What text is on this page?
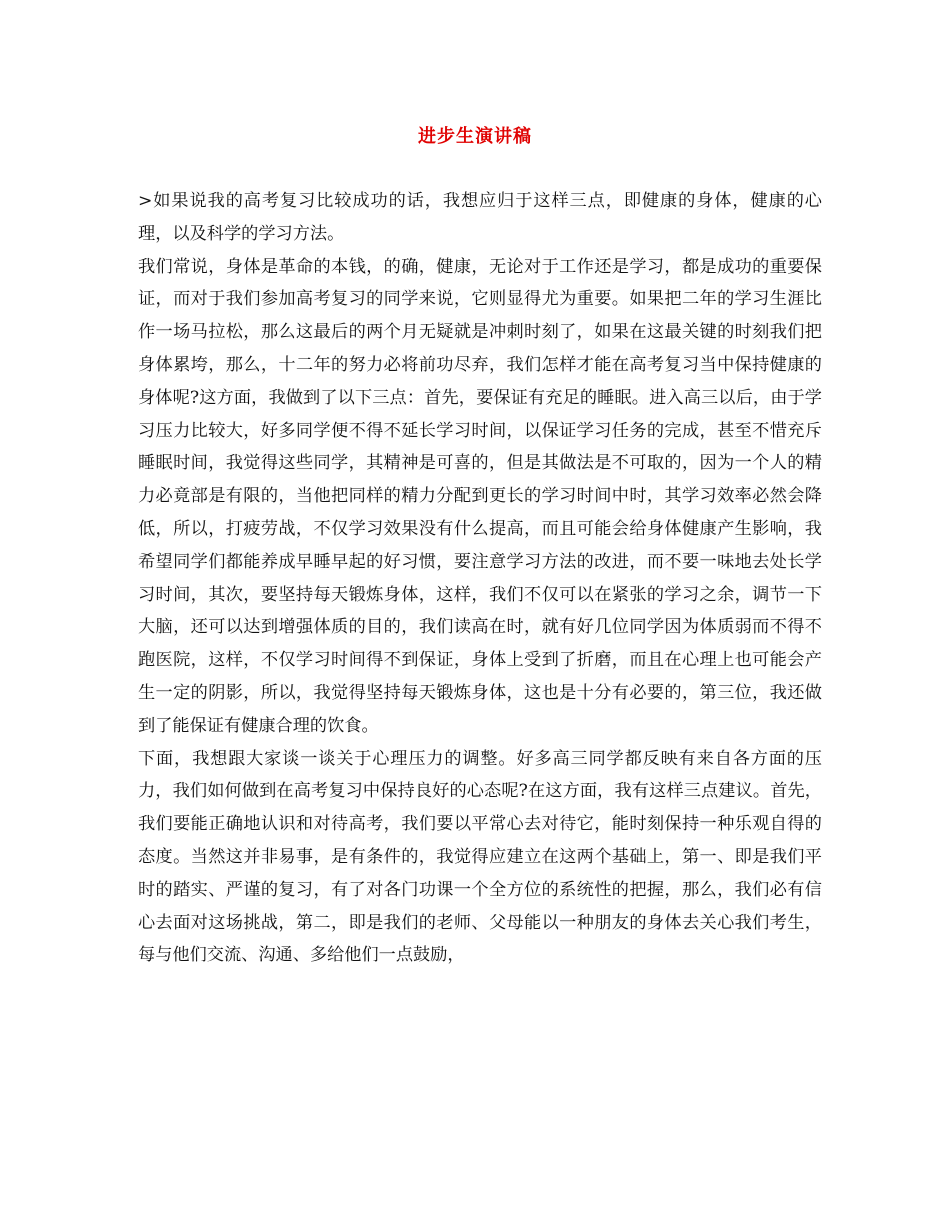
进步生演讲稿

>如果说我的高考复习比较成功的话，我想应归于这样三点，即健康的身体，健康的心理，以及科学的学习方法。

我们常说，身体是革命的本钱，的确，健康，无论对于工作还是学习，都是成功的重要保证，而对于我们参加高考复习的同学来说，它则显得尤为重要。如果把二年的学习生涯比作一场马拉松，那么这最后的两个月无疑就是冲刺时刻了，如果在这最关键的时刻我们把身体累垮，那么，十二年的努力必将前功尽弃，我们怎样才能在高考复习当中保持健康的身体呢?这方面，我做到了以下三点：首先，要保证有充足的睡眠。进入高三以后，由于学习压力比较大，好多同学便不得不延长学习时间，以保证学习任务的完成，甚至不惜充斥睡眠时间，我觉得这些同学，其精神是可喜的，但是其做法是不可取的，因为一个人的精力必竟部是有限的，当他把同样的精力分配到更长的学习时间中时，其学习效率必然会降低，所以，打疲劳战，不仅学习效果没有什么提高，而且可能会给身体健康产生影响，我希望同学们都能养成早睡早起的好习惯，要注意学习方法的改进，而不要一味地去处长学习时间，其次，要坚持每天锻炼身体，这样，我们不仅可以在紧张的学习之余，调节一下大脑，还可以达到增强体质的目的，我们读高在时，就有好几位同学因为体质弱而不得不跑医院，这样，不仅学习时间得不到保证，身体上受到了折磨，而且在心理上也可能会产生一定的阴影，所以，我觉得坚持每天锻炼身体，这也是十分有必要的，第三位，我还做到了能保证有健康合理的饮食。

下面，我想跟大家谈一谈关于心理压力的调整。好多高三同学都反映有来自各方面的压力，我们如何做到在高考复习中保持良好的心态呢?在这方面，我有这样三点建议。首先，我们要能正确地认识和对待高考，我们要以平常心去对待它，能时刻保持一种乐观自得的态度。当然这并非易事，是有条件的，我觉得应建立在这两个基础上，第一、即是我们平时的踏实、严谨的复习，有了对各门功课一个全方位的系统性的把握，那么，我们必有信心去面对这场挑战，第二，即是我们的老师、父母能以一种朋友的身体去关心我们考生，每与他们交流、沟通、多给他们一点鼓励，
